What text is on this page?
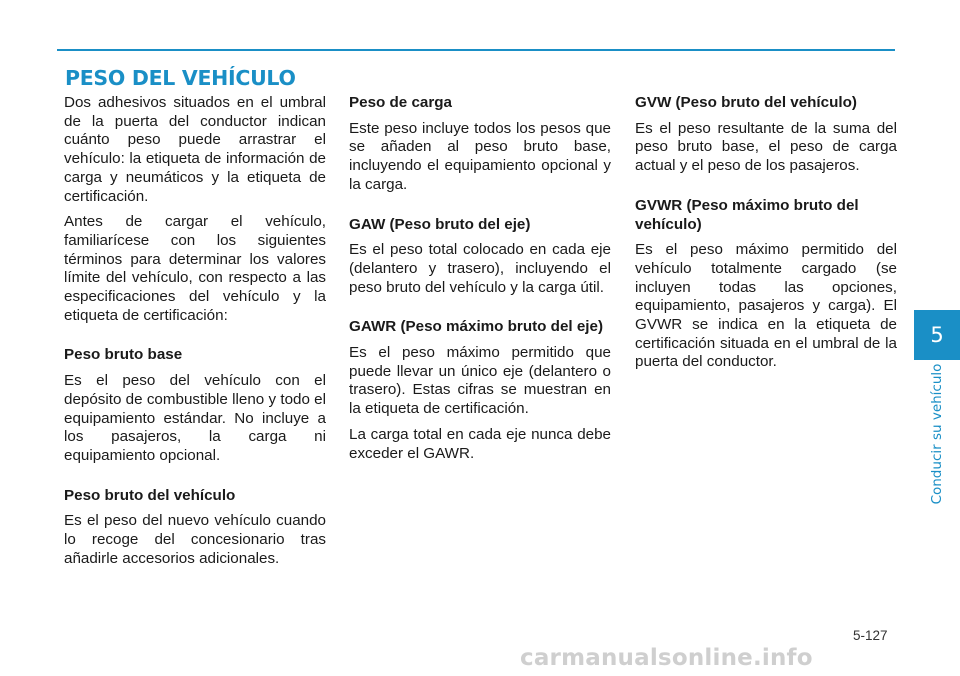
PESO DEL VEHÍCULO

Dos adhesivos situados en el umbral de la puerta del conductor indican cuánto peso puede arrastrar el vehículo: la etiqueta de información de carga y neumáticos y la etiqueta de certificación.

Antes de cargar el vehículo, familiarícese con los siguientes términos para determinar los valores límite del vehículo, con respecto a las especificaciones del vehículo y la etiqueta de certificación:

Peso bruto base

Es el peso del vehículo con el depósito de combustible lleno y todo el equipamiento estándar. No incluye a los pasajeros, la carga ni equipamiento opcional.

Peso bruto del vehículo

Es el peso del nuevo vehículo cuando lo recoge del concesionario tras añadirle accesorios adicionales.

Peso de carga

Este peso incluye todos los pesos que se añaden al peso bruto base, incluyendo el equipamiento opcional y la carga.

GAW (Peso bruto del eje)

Es el peso total colocado en cada eje (delantero y trasero), incluyendo el peso bruto del vehículo y la carga útil.

GAWR (Peso máximo bruto del eje)

Es el peso máximo permitido que puede llevar un único eje (delantero o trasero). Estas cifras se muestran en la etiqueta de certificación.

La carga total en cada eje nunca debe exceder el GAWR.

GVW (Peso bruto del vehículo)

Es el peso resultante de la suma del peso bruto base, el peso de carga actual y el peso de los pasajeros.

GVWR (Peso máximo bruto del vehículo)

Es el peso máximo permitido del vehículo totalmente cargado (se incluyen todas las opciones, equipamiento, pasajeros y carga). El GVWR se indica en la etiqueta de certificación situada en el umbral de la puerta del conductor.

5
Conducir su vehículo
5-127
carmanualsonline.info
